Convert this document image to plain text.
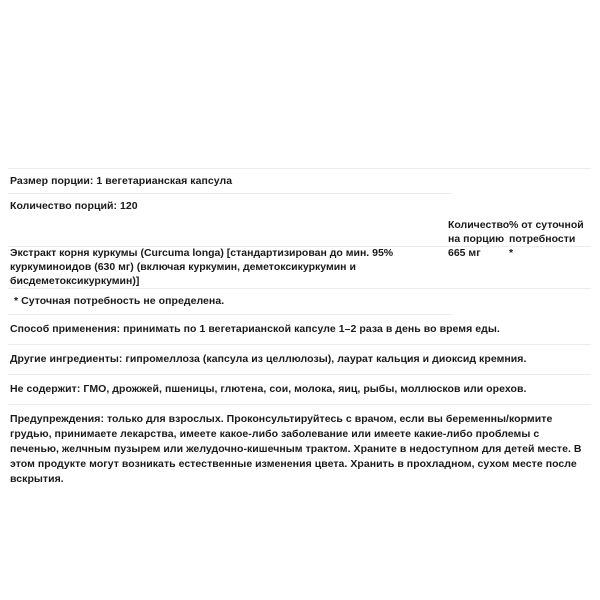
Размер порции: 1 вегетарианская капсула
Количество порций: 120
	Количество на порцию	% от суточной потребности

Экстракт корня куркумы (Curcuma longa) [стандартизирован до мин. 95% куркуминоидов (630 мг) (включая куркумин, деметоксикуркумин и бисдеметоксикуркумин)]	665 мг	*
* Суточная потребность не определена.
Способ применения: принимать по 1 вегетарианской капсуле 1–2 раза в день во время еды.
Другие ингредиенты: гипромеллоза (капсула из целлюлозы), лаурат кальция и диоксид кремния.
Не содержит: ГМО, дрожжей, пшеницы, глютена, сои, молока, яиц, рыбы, моллюсков или орехов.
Предупреждения: только для взрослых. Проконсультируйтесь с врачом, если вы беременны/кормите грудью, принимаете лекарства, имеете какое-либо заболевание или имеете какие-либо проблемы с печенью, желчным пузырем или желудочно-кишечным трактом. Храните в недоступном для детей месте. В этом продукте могут возникать естественные изменения цвета. Хранить в прохладном, сухом месте после вскрытия.
